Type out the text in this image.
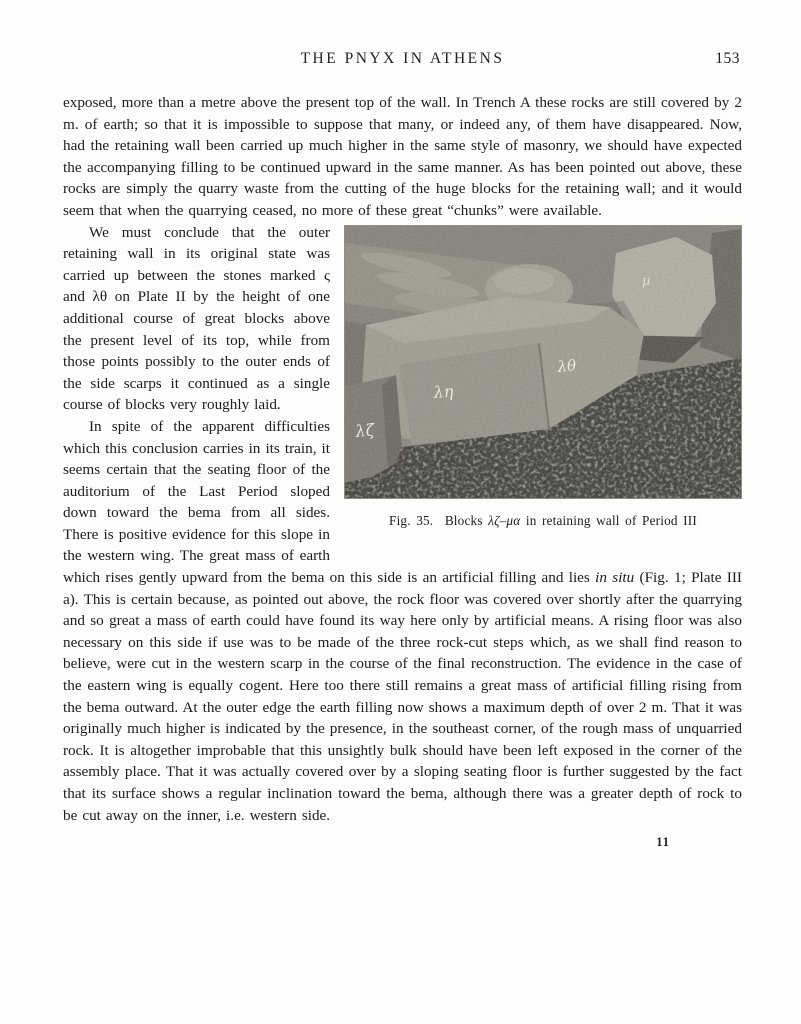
THE PNYX IN ATHENS	153

exposed, more than a metre above the present top of the wall. In Trench A these rocks are still covered by 2 m. of earth; so that it is impossible to suppose that many, or indeed any, of them have disappeared. Now, had the retaining wall been carried up much higher in the same style of masonry, we should have expected the accompanying filling to be continued upward in the same manner. As has been pointed out above, these rocks are simply the quarry waste from the cutting of the huge blocks for the retaining wall; and it would seem that when the quarrying ceased, no more of these great “chunks” were available.

λζ
λη
λθ
μ
Fig. 35. Blocks λζ–μα in retaining wall of Period III

We must conclude that the outer retaining wall in its original state was carried up between the stones marked ς and λθ on Plate II by the height of one additional course of great blocks above the present level of its top, while from those points possibly to the outer ends of the side scarps it continued as a single course of blocks very roughly laid.

In spite of the apparent difficulties which this conclusion carries in its train, it seems certain that the seating floor of the auditorium of the Last Period sloped down toward the bema from all sides. There is positive evidence for this slope in the western wing. The great mass of earth which rises gently upward from the bema on this side is an artificial filling and lies in situ (Fig. 1; Plate III a). This is certain because, as pointed out above, the rock floor was covered over shortly after the quarrying and so great a mass of earth could have found its way here only by artificial means. A rising floor was also necessary on this side if use was to be made of the three rock-cut steps which, as we shall find reason to believe, were cut in the western scarp in the course of the final reconstruction. The evidence in the case of the eastern wing is equally cogent. Here too there still remains a great mass of artificial filling rising from the bema outward. At the outer edge the earth filling now shows a maximum depth of over 2 m. That it was originally much higher is indicated by the presence, in the southeast corner, of the rough mass of unquarried rock. It is altogether improbable that this unsightly bulk should have been left exposed in the corner of the assembly place. That it was actually covered over by a sloping seating floor is further suggested by the fact that its surface shows a regular inclination toward the bema, although there was a greater depth of rock to be cut away on the inner, i.e. western side.

11
